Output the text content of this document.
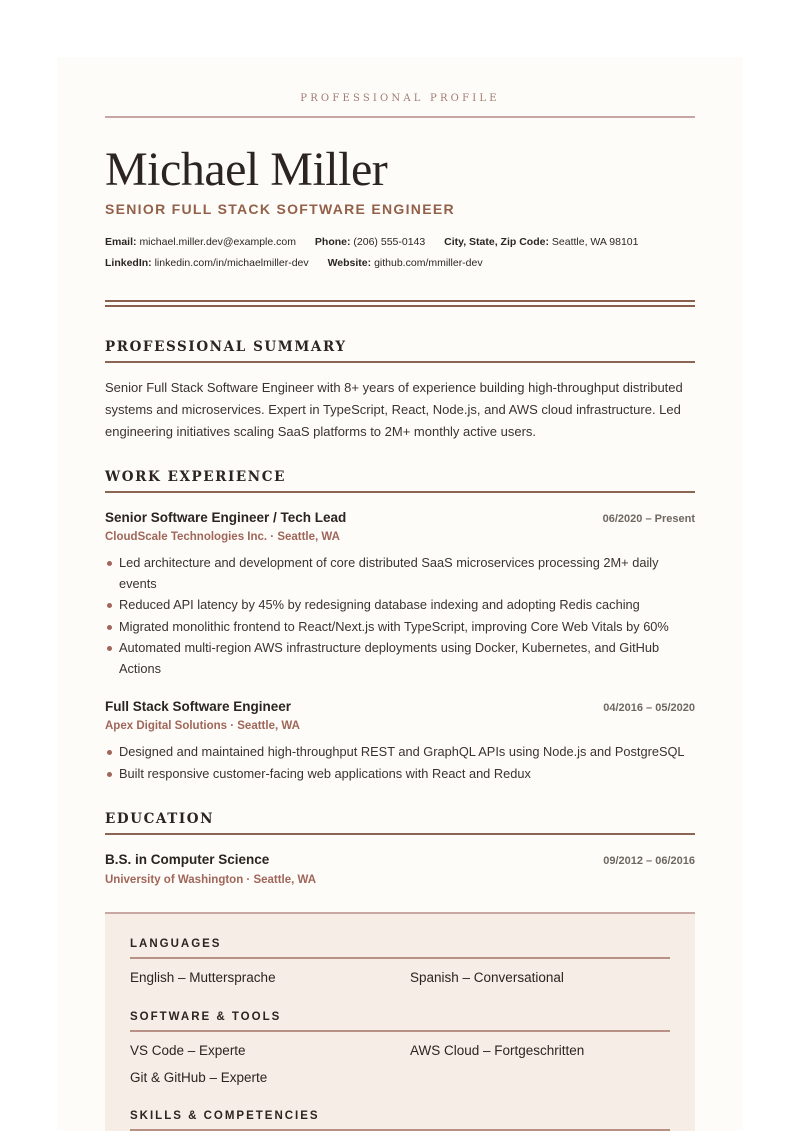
PROFESSIONAL PROFILE
Michael Miller
SENIOR FULL STACK SOFTWARE ENGINEER
Email: michael.miller.dev@example.com Phone: (206) 555-0143 City, State, Zip Code: Seattle, WA 98101
LinkedIn: linkedin.com/in/michaelmiller-dev Website: github.com/mmiller-dev
PROFESSIONAL SUMMARY
Senior Full Stack Software Engineer with 8+ years of experience building high-throughput distributed systems and microservices. Expert in TypeScript, React, Node.js, and AWS cloud infrastructure. Led engineering initiatives scaling SaaS platforms to 2M+ monthly active users.
WORK EXPERIENCE
Senior Software Engineer / Tech Lead	06/2020 – Present
CloudScale Technologies Inc. · Seattle, WA
Led architecture and development of core distributed SaaS microservices processing 2M+ daily events
Reduced API latency by 45% by redesigning database indexing and adopting Redis caching
Migrated monolithic frontend to React/Next.js with TypeScript, improving Core Web Vitals by 60%
Automated multi-region AWS infrastructure deployments using Docker, Kubernetes, and GitHub Actions
Full Stack Software Engineer	04/2016 – 05/2020
Apex Digital Solutions · Seattle, WA
Designed and maintained high-throughput REST and GraphQL APIs using Node.js and PostgreSQL
Built responsive customer-facing web applications with React and Redux
EDUCATION
B.S. in Computer Science	09/2012 – 06/2016
University of Washington · Seattle, WA
LANGUAGES
English – Muttersprache	Spanish – Conversational
SOFTWARE & TOOLS
VS Code – Experte	AWS Cloud – Fortgeschritten
Git & GitHub – Experte
SKILLS & COMPETENCIES
